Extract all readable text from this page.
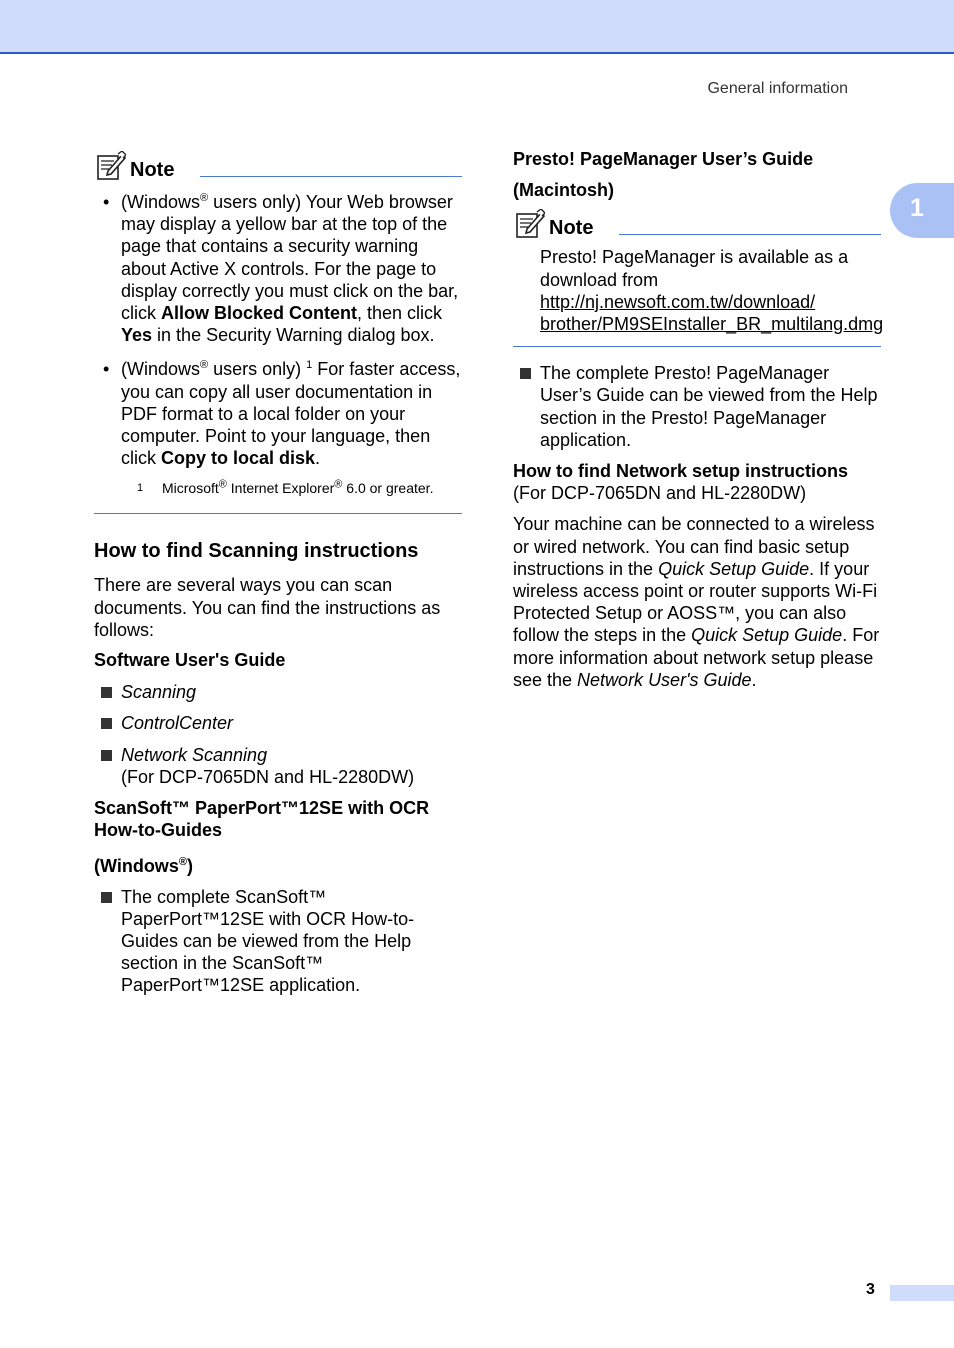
General information
1
3
Note
• (Windows® users only) Your Web browser may display a yellow bar at the top of the page that contains a security warning about Active X controls. For the page to display correctly you must click on the bar, click Allow Blocked Content, then click Yes in the Security Warning dialog box.
• (Windows® users only) $^1$ For faster access, you can copy all user documentation in PDF format to a local folder on your computer. Point to your language, then click Copy to local disk.
1	Microsoft® Internet Explorer® 6.0 or greater.
How to find Scanning instructions

There are several ways you can scan documents. You can find the instructions as follows:

Software User's Guide

Scanning
ControlCenter
Network Scanning
(For DCP-7065DN and HL-2280DW)

ScanSoft™ PaperPort™12SE with OCR How-to-Guides

(Windows®)

The complete ScanSoft™ PaperPort™12SE with OCR How-to-Guides can be viewed from the Help section in the ScanSoft™ PaperPort™12SE application.

Presto! PageManager User’s Guide

(Macintosh)

Note

Presto! PageManager is available as a download from

http://nj.newsoft.com.tw/download/

brother/PM9SEInstaller_BR_multilang.dmg

The complete Presto! PageManager User’s Guide can be viewed from the Help section in the Presto! PageManager application.

How to find Network setup instructions

(For DCP-7065DN and HL-2280DW)

Your machine can be connected to a wireless or wired network. You can find basic setup instructions in the Quick Setup Guide. If your wireless access point or router supports Wi-Fi Protected Setup or AOSS™, you can also follow the steps in the Quick Setup Guide. For more information about network setup please see the Network User's Guide.
